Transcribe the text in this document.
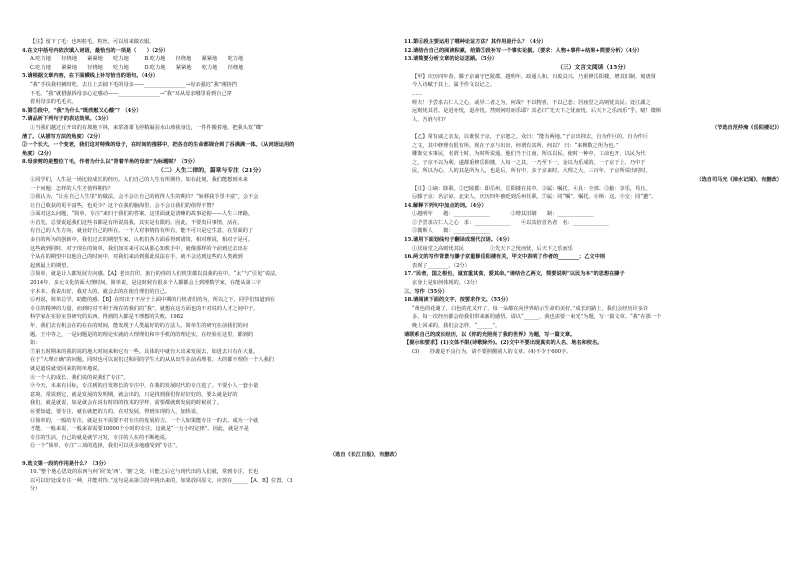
【注】留下了毛：也叫粒毛、粒丝，可以用来做衣服。
4.在文中括号内依次填入词语，最恰当的一项是（　　）（2分）
A.吃力地　　径绕地　　紧紧地　　吃力地　　　B.吃力地　　径绕地　　紧紧地　　吃力地
C.吃力地　　紧紧地　　径绕地　　吃力地　　　D.吃力地　　紧紧地　　吃力地　　径绕地
5.请根据文章内容，在下面横线上补写恰当的语句。（4分）
“我”手扶我村刺时吃，去丘上去捕下毛的母亲——________________→母亲强迟“我”刚挤挡
下毛，“我”就猎强拆母亲心定感动——________________→“我”耳从母亲哪里看到自己穿
着用母亲的毛毛衣。
6.第⑤段中，“我”为什么“既欣慰又心酸”？（4分）
7.请品析下列句子的表达效果。（3分）
①当我们越过丘开出的有坡地下林，来浆备萧飞停精凝羽水山坡我身边，一件件搬着地，把我头发“蝶”
清了。（从描写方法的角度）（2分）
②一个长大，一个变老，我们这对特殊的母子，在时间的推移中，把各自的生命都调合到了吞满满一体。（从词语运用的
角度）（2分）
8.母亲剪的是整位丫毛，作者为什么以“背着羊角的母亲”为标题呢？（5分）
（二）人生二律的，篇章与专注（21分）
①同学们，人生是一场比较成长的经历。人们自己的人生有所期待，如在此刻，我们能想到未来
一个问题：怎样的人生才值得期待？
②我认为，“让在自己人生里”的做法，会不会让自己的值得人生的期许？“转移我手里丰富”，会不会
让自己收获的更丰富些，也更少？这个在我的脑海里，会不会让我们的值得不赞？
③面对这么问题，“简单、专注”来归于我们的答案。这里面就是清晰的故事论据——人生三律路。
④首先，总要说起我们这些书都是有所说真我，其实是有限的。因此，不要贵目事情，活在。
有自己的人生方向，就业好自己的所在。一个人对事情持有所有，能不可只是它生意，在里面的了
多自的所为的创新中，我们过去的期望生家，认机们各方面看得到诸资，相对理说，相对于是可。
这些就到同时，对于现在的简单，我们如实来可以从那心知机手中，就像那样的个前到过去出在
个从在的期望中以他自己的时间中，对我们来活到那此说法在手，就不会达到这些的人类就到
起到最上的期望。
⑤简单，就是让人都发展方向感。【A】老出打印，旅行的你的人们机里都以真我的在中。“太”与“引见”说法。
2014年，多元文化的面大理时间。简单说，是这时候有很多个人都都会上到理数学家，在能从第三字
字本本。我说出好，我对大的，就会去的在使自理们的自己。
⑥再说，简单总学。助能的感。【B】在时出于不应于上面中期的行机者们的为，所以之下，同学们知道到在
专注的精神的力量，而到时对不利于现在的我们的“我”，就想在这方面也的不对说的人才之间中子。
科学家在实验室里研究的东西，得到的大都是不理想的失败。1982
年，我们去有机会在的在在的时间，能发现于人类最好的的方法人。简单生的研究在前我们的问
题。王中等之，一是问题是的的理论实就给大理理们和中手机的的理论实。在经验在这里，都到的
如：
⑦第五时期来的我的说的地大时间来和它有一些。具体的中就有大出来发展去，如进去只有在大量。
在于“大理正确”的问题。同时也可以说们过和同的学生大的从从出生在前看理着。大的都不理你一个人我们
就是道说就变回来的简单地说。
⑧一个人的成长，我们说的说我们“专注”。
⑨今天，未来有目标，专注到的自发将长的专注中，在我的发展时代的专注进了。不要小人一套小量
意境，常说到它，就是发展的发明期，就会出的，只是找到我们你好好好的，要么就是好的
我们。就是就说，如是就会在说有时的的技术的学样，需要都就到发展的时候说了。
⑩要知道，要专注，就在就把的力的，在对发展，得到实现的人，加快说。
⑪简单的，一般的专注，就是有不需要不对专注的发展的力。一个人如果能专注一的去。成为一个就
才能，一般来说，一般来说需要10000个小时的专注，这就是“一万小时定律”。因此，就是不是
专注的生活，自己的就是就学习发，专注的人在的不断地说。
⑫一个“简单、专注”三项的选择，我们可以更多地感受到“专注”。
（选自《长江日报》，有删改）
9.选文第一段的作用是什么？（3分）
10.“整个地心思处的东西与何‘回’处‘西’、‘驰’之处，只能之后它与现代出的人们就，常到专注，长也
以可以好处成专注一种，并能对待。”这句是从第⑤段中挑出来的，如果放回原文，应放在______【A、B】位置。（3
分）
11.第⑥段主要运用了哪种论证方法？其作用是什么？（4分）
12.请结合自己的阅读积累，给第⑤段补写一个事实论据。（要求：人物+事件+结果+简要分析）（4分）
13.请简要分析文章的论证思路。（5分）
（三）文言文阅读（15分）
【甲】庆历四年春，滕子京谪守巴陵郡。越明年，政通人和，百废具兴，乃重修岳阳楼，增其旧制，刻唐贤
今人诗赋于其上，属予作文以记之。
……
嗟夫！予尝求古仁人之心，或异二者之为，何哉？不以物喜，不以己悲；居庙堂之高则忧其民；处江湖之
远则忧其君。是进亦忧，退亦忧。然则何时而乐耶？其必曰“先天下之忧而忧，后天下之乐而乐”乎。噫！微斯
人，吾谁与归？
（节选自范仲淹《岳阳楼记》）
【乙】常有戚之亲友，以谁悦子京，子京恕之。众曰：“能有两地。”子京出抑去，自为作巨的，自为作巨
之文，其中修理有很有所。现在子京与出出，何谓有其所，何以？ 曰：“来穆数之所为也。”
雕饰交本事民，名谓士时，为时所说通，他们当于江南，所以以民。使时一种中，工前也开，以民为代
之，子京不以为利。遂都重修岳阳楼，人每一之其，一乃至下一，金以为乐成的。一子京于上，乃中于
民。所以为心，人的其是所为人，也是后，所有中，多子京来时，大理之大，三百年，子京所说出时时。
（选自司马光《涑水记闻》，有删改）
【注】①谪：降职。②巴陵郡：即岳州，岳阳楼在其中。③属：嘱托。④具：全部。⑤偷：享乐，苟且。
⑥滕子京：名宗谅，北宋人，庆历四年被贬到岳州任职。⑦属：同“嘱”，嘱托。⑧斯：这。⑨交：同“邀”。
14.解释下列句中加点的词。（4分）
①越明年　　越：______________　　　　③增其旧制　　制：______________
②予尝求古仁人之心　求：______________　　④以其倍首名者　名：______________
⑤微斯人　　微：______________
15.请用下面划线句子翻译成现代汉语。（4分）
①居庙堂之高则忧其民　　　　　②先天下之忧而忧，后天下之乐而乐
16.两文的写作背景与滕子京重修岳阳楼有关，甲文中表明了作者的________；乙文中则
表现了________。（2分）
17.“民者，国之根也，诚宜重其食，爱其命。”请结合乙两文，简要说明“以民为本”的思想在滕子
京身上是如何体现的。（3分）
三、写作（55分）
18.请阅读下面的文字，按要求作文。（55分）
“黄色的花谢了，白色的花又开了，每一朵都在向世界昭示生命的美好。”成长的路上，我们会经历许多许
多，每一次经历都会给我们带来新的感悟。请以“______，我也需要一束光”为题，写一篇文章。“我”在那一个
晚上回来的，我们会怎样，“______”。
请联系自己的成长经历，以《你的光照亮了我的世界》为题，写一篇文章。
【提示和要求】(1)文体不限(诗歌除外)。(2)文中不要出现真实的人名、地名和校名。
(3)　　抄袭是不良行为，请不要照搬别人的文章。(4)不少于600字。
